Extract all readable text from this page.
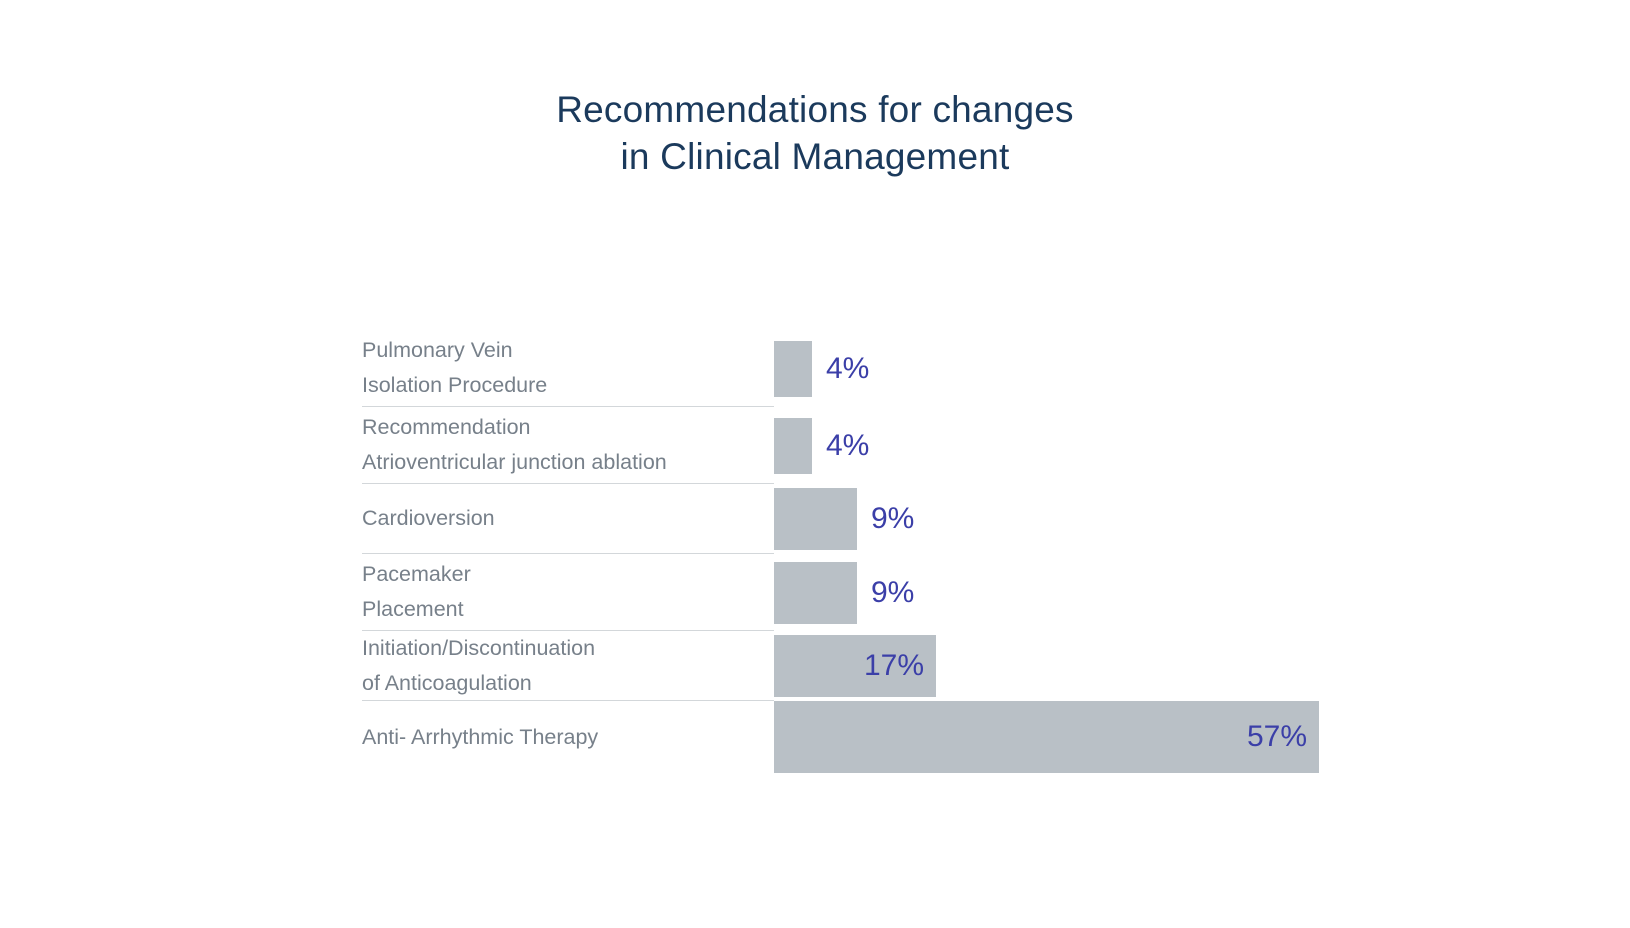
Recommendations for changes
in Clinical Management
Pulmonary Vein
Isolation Procedure
4%
Recommendation
Atrioventricular junction ablation
4%
Cardioversion	9%
Pacemaker
Placement
9%
Initiation/Discontinuation
of Anticoagulation
17%
Anti- Arrhythmic Therapy	57%
